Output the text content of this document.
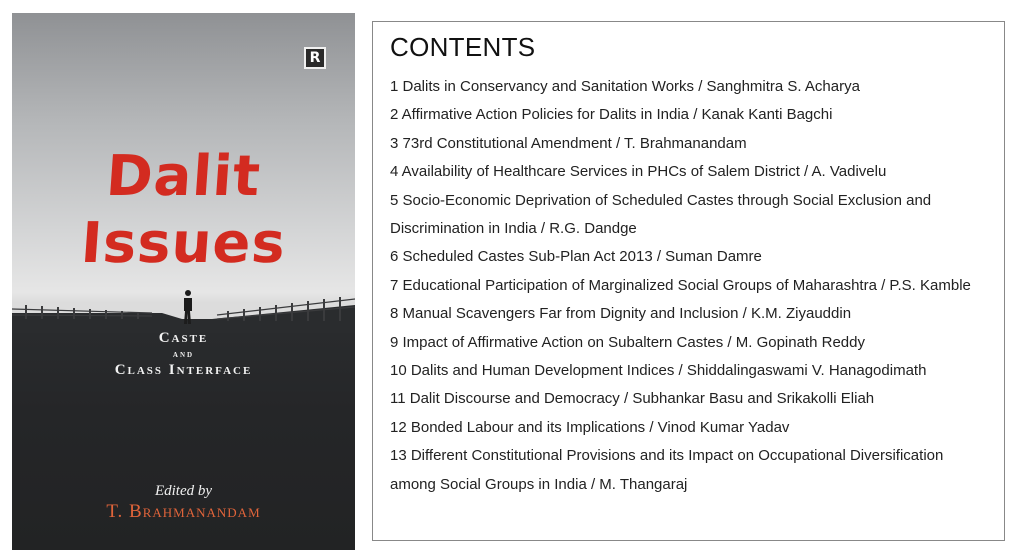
R
Dalit
Issues
Caste
and
Class Interface
Edited by
T. Brahmanandam
CONTENTS
1 Dalits in Conservancy and Sanitation Works / Sanghmitra S. Acharya
2 Affirmative Action Policies for Dalits in India / Kanak Kanti Bagchi
3 73rd Constitutional Amendment / T. Brahmanandam
4 Availability of Healthcare Services in PHCs of Salem District / A. Vadivelu
5 Socio-Economic Deprivation of Scheduled Castes through Social Exclusion and Discrimination in India / R.G. Dandge
6 Scheduled Castes Sub-Plan Act 2013 / Suman Damre
7 Educational Participation of Marginalized Social Groups of Maharashtra / P.S. Kamble
8 Manual Scavengers Far from Dignity and Inclusion / K.M. Ziyauddin
9 Impact of Affirmative Action on Subaltern Castes / M. Gopinath Reddy
10 Dalits and Human Development Indices / Shiddalingaswami V. Hanagodimath
11 Dalit Discourse and Democracy / Subhankar Basu and Srikakolli Eliah
12 Bonded Labour and its Implications / Vinod Kumar Yadav
13 Different Constitutional Provisions and its Impact on Occupational Diversification among Social Groups in India / M. Thangaraj
